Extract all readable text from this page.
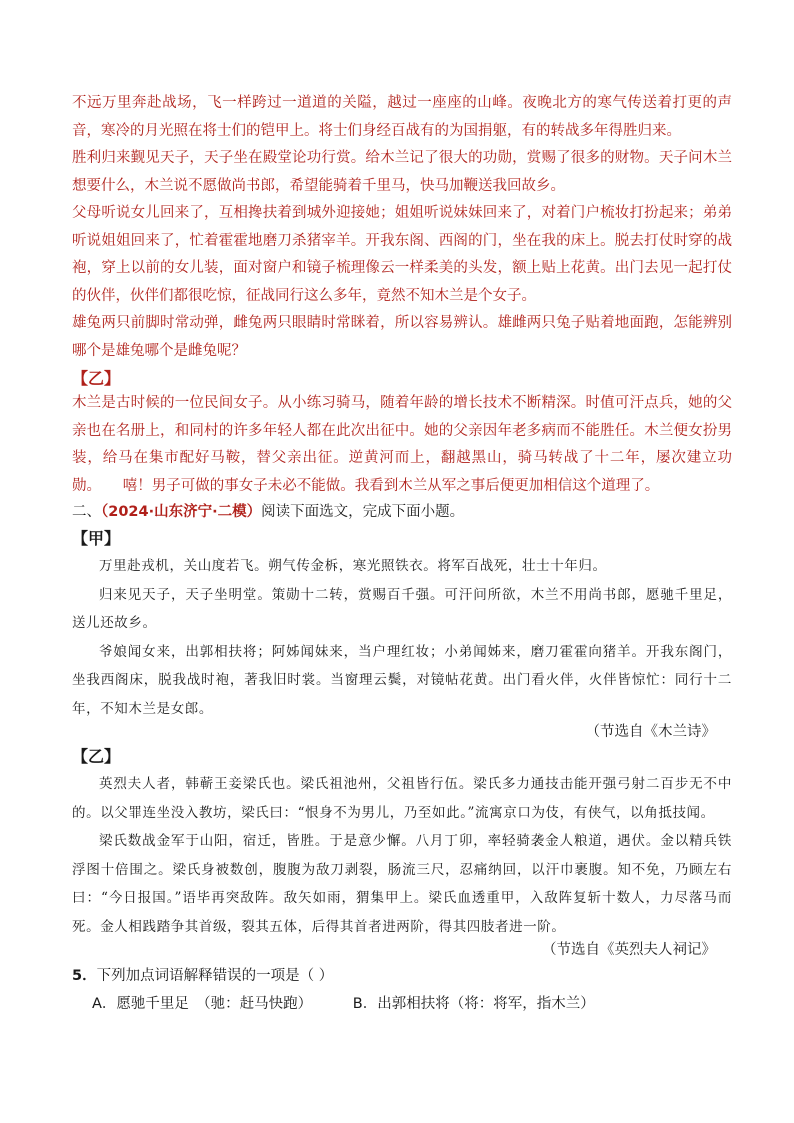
不远万里奔赴战场，飞一样跨过一道道的关隘，越过一座座的山峰。夜晚北方的寒气传送着打更的声音，寒冷的月光照在将士们的铠甲上。将士们身经百战有的为国捐躯，有的转战多年得胜归来。

胜利归来觐见天子，天子坐在殿堂论功行赏。给木兰记了很大的功勋，赏赐了很多的财物。天子问木兰想要什么，木兰说不愿做尚书郎，希望能骑着千里马，快马加鞭送我回故乡。

父母听说女儿回来了，互相搀扶着到城外迎接她；姐姐听说妹妹回来了，对着门户梳妆打扮起来；弟弟听说姐姐回来了，忙着霍霍地磨刀杀猪宰羊。开我东阁、西阁的门，坐在我的床上。脱去打仗时穿的战袍，穿上以前的女儿装，面对窗户和镜子梳理像云一样柔美的头发，额上贴上花黄。出门去见一起打仗的伙伴，伙伴们都很吃惊，征战同行这么多年，竟然不知木兰是个女子。

雄兔两只前脚时常动弹，雌兔两只眼睛时常眯着，所以容易辨认。雄雌两只兔子贴着地面跑，怎能辨别哪个是雄兔哪个是雌兔呢？

【乙】

木兰是古时候的一位民间女子。从小练习骑马，随着年龄的增长技术不断精深。时值可汗点兵，她的父亲也在名册上，和同村的许多年轻人都在此次出征中。她的父亲因年老多病而不能胜任。木兰便女扮男装，给马在集市配好马鞍，替父亲出征。逆黄河而上，翻越黑山，骑马转战了十二年，屡次建立功勋。   嘻！男子可做的事女子未必不能做。我看到木兰从军之事后便更加相信这个道理了。

二、（2024·山东济宁·二模）阅读下面选文，完成下面小题。
【甲】

万里赴戎机，关山度若飞。朔气传金柝，寒光照铁衣。将军百战死，壮士十年归。

归来见天子，天子坐明堂。策勋十二转，赏赐百千强。可汗问所欲，木兰不用尚书郎，愿驰千里足，送儿还故乡。

爷娘闻女来，出郭相扶将；阿姊闻妹来，当户理红妆；小弟闻姊来，磨刀霍霍向猪羊。开我东阁门，坐我西阁床，脱我战时袍，著我旧时裳。当窗理云鬓，对镜帖花黄。出门看火伴，火伴皆惊忙：同行十二年，不知木兰是女郎。

（节选自《木兰诗》
【乙】

英烈夫人者，韩蕲王妾梁氏也。梁氏祖池州，父祖皆行伍。梁氏多力通技击能开强弓射二百步无不中的。以父罪连坐没入教坊，梁氏曰：“恨身不为男儿，乃至如此。”流寓京口为伎，有侠气，以角抵技闻。

梁氏数战金军于山阳，宿迁，皆胜。于是意少懈。八月丁卯，率轻骑袭金人粮道，遇伏。金以精兵铁浮图十倍围之。梁氏身被数创，腹腹为敌刀剥裂，肠流三尺，忍痛纳回，以汗巾裹腹。知不免，乃顾左右曰：“今日报国。”语毕再突敌阵。敌矢如雨，猬集甲上。梁氏血透重甲，入敌阵复斩十数人，力尽落马而死。金人相践踏争其首级，裂其五体，后得其首者进两阶，得其四肢者进一阶。

（节选自《英烈夫人祠记》
5．下列加点词语解释错误的一项是（ ）
A．愿驰千里足　（驰：赶马快跑）	B．出郭相扶将（将：将军，指木兰）
